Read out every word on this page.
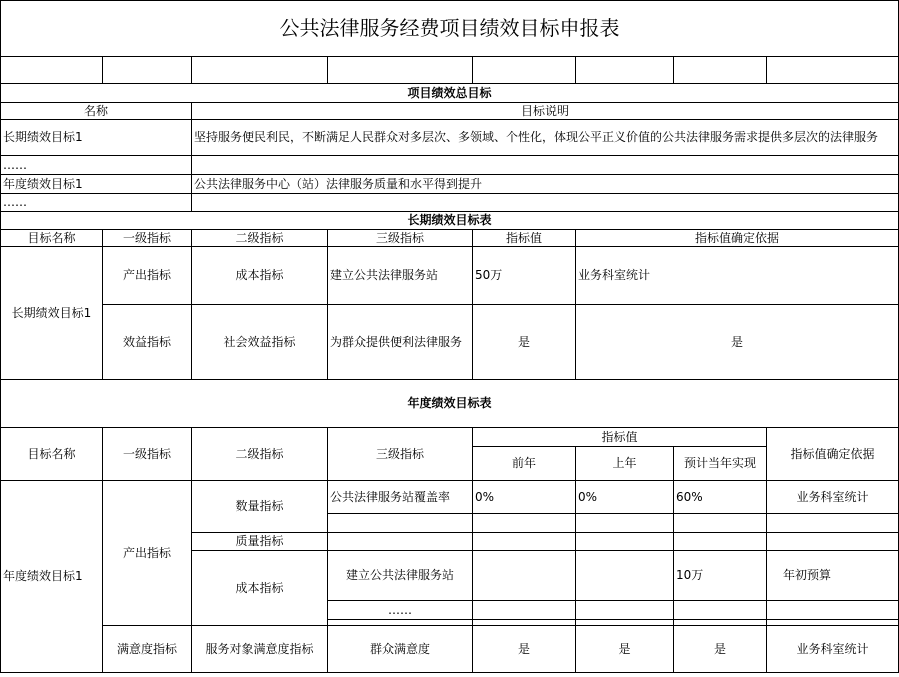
公共法律服务经费项目绩效目标申报表							

项目绩效总目标							
名称		目标说明					
长期绩效目标1		坚持服务便民利民，不断满足人民群众对多层次、多领域、个性化，体现公平正义价值的公共法律服务需求提供多层次的法律服务					
……							
年度绩效目标1		公共法律服务中心（站）法律服务质量和水平得到提升					
……							
长期绩效目标表							
目标名称	一级指标	二级指标	三级指标	指标值	指标值确定依据		
长期绩效目标1	产出指标	成本指标	建立公共法律服务站	50万	业务科室统计		
	效益指标	社会效益指标	为群众提供便利法律服务	是	是		
年度绩效目标表							
目标名称	一级指标	二级指标	三级指标	指标值			指标值确定依据
				前年	上年	预计当年实现	
年度绩效目标1	产出指标	数量指标	公共法律服务站覆盖率	0%	0%	60%	业务科室统计

		质量指标					
		成本指标	建立公共法律服务站			10万	年初预算
			……				

	满意度指标	服务对象满意度指标	群众满意度	是	是	是	业务科室统计
